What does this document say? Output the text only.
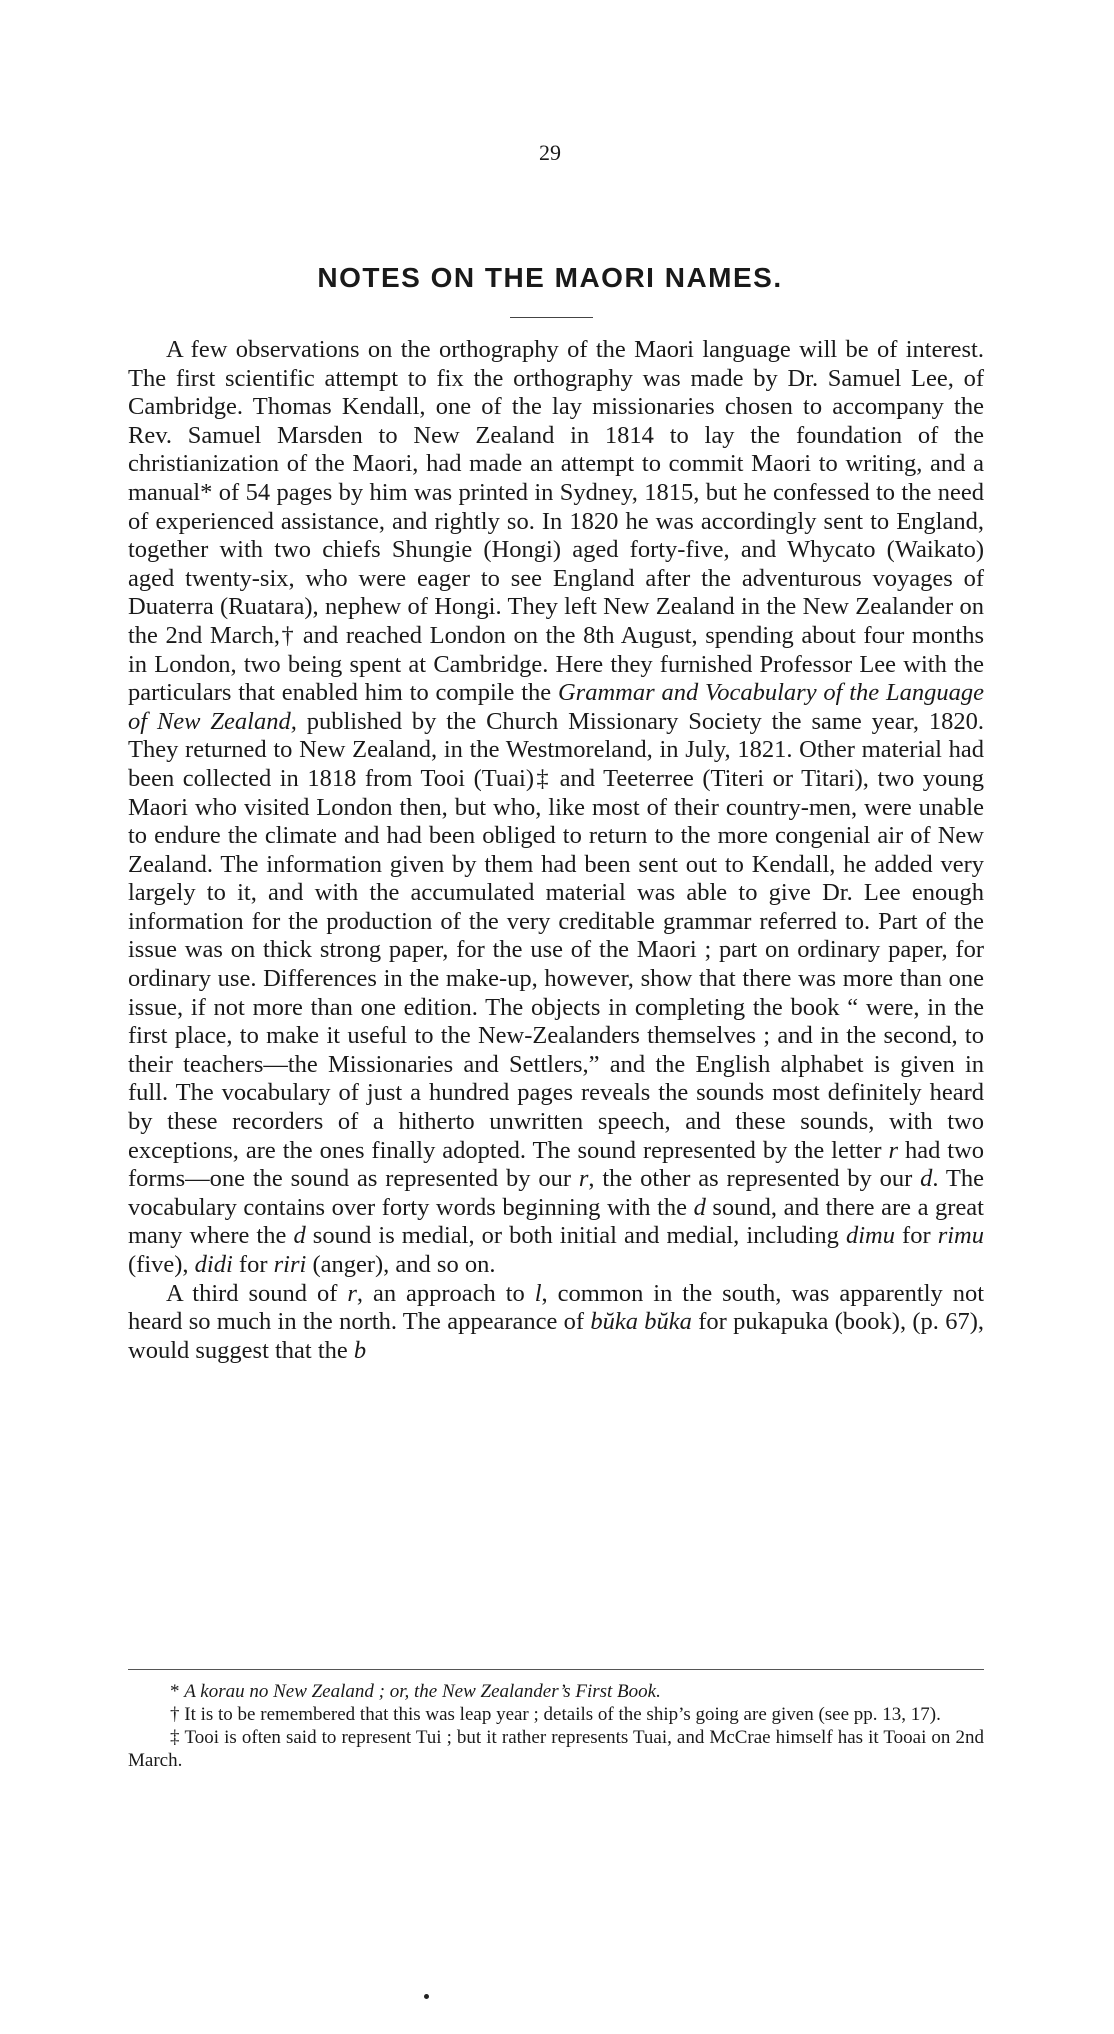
29
NOTES ON THE MAORI NAMES.

A few observations on the orthography of the Maori language will be of interest. The first scientific attempt to fix the orthography was made by Dr. Samuel Lee, of Cambridge. Thomas Kendall, one of the lay missionaries chosen to accompany the Rev. Samuel Marsden to New Zealand in 1814 to lay the foundation of the christianization of the Maori, had made an attempt to commit Maori to writing, and a manual* of 54 pages by him was printed in Sydney, 1815, but he confessed to the need of experienced assistance, and rightly so. In 1820 he was accordingly sent to England, together with two chiefs Shungie (Hongi) aged forty-five, and Whycato (Waikato) aged twenty-six, who were eager to see England after the adventurous voyages of Duaterra (Ruatara), nephew of Hongi. They left New Zealand in the New Zealander on the 2nd March,† and reached London on the 8th August, spending about four months in London, two being spent at Cambridge. Here they furnished Professor Lee with the particulars that enabled him to compile the Grammar and Vocabulary of the Language of New Zealand, published by the Church Missionary Society the same year, 1820. They returned to New Zealand, in the Westmoreland, in July, 1821. Other material had been collected in 1818 from Tooi (Tuai)‡ and Teeterree (Titeri or Titari), two young Maori who visited London then, but who, like most of their country-men, were unable to endure the climate and had been obliged to return to the more congenial air of New Zealand. The information given by them had been sent out to Kendall, he added very largely to it, and with the accumulated material was able to give Dr. Lee enough information for the production of the very creditable grammar referred to. Part of the issue was on thick strong paper, for the use of the Maori ; part on ordinary paper, for ordinary use. Differences in the make-up, however, show that there was more than one issue, if not more than one edition. The objects in completing the book “ were, in the first place, to make it useful to the New-Zealanders themselves ; and in the second, to their teachers—the Missionaries and Settlers,” and the English alphabet is given in full. The vocabulary of just a hundred pages reveals the sounds most definitely heard by these recorders of a hitherto unwritten speech, and these sounds, with two exceptions, are the ones finally adopted. The sound represented by the letter r had two forms—one the sound as represented by our r, the other as represented by our d. The vocabulary contains over forty words beginning with the d sound, and there are a great many where the d sound is medial, or both initial and medial, including dimu for rimu (five), didi for riri (anger), and so on.

A third sound of r, an approach to l, common in the south, was apparently not heard so much in the north. The appearance of bŭka bŭka for pukapuka (book), (p. 67), would suggest that the b

* A korau no New Zealand ; or, the New Zealander’s First Book.

† It is to be remembered that this was leap year ; details of the ship’s going are given (see pp. 13, 17).

‡ Tooi is often said to represent Tui ; but it rather represents Tuai, and McCrae himself has it Tooai on 2nd March.
